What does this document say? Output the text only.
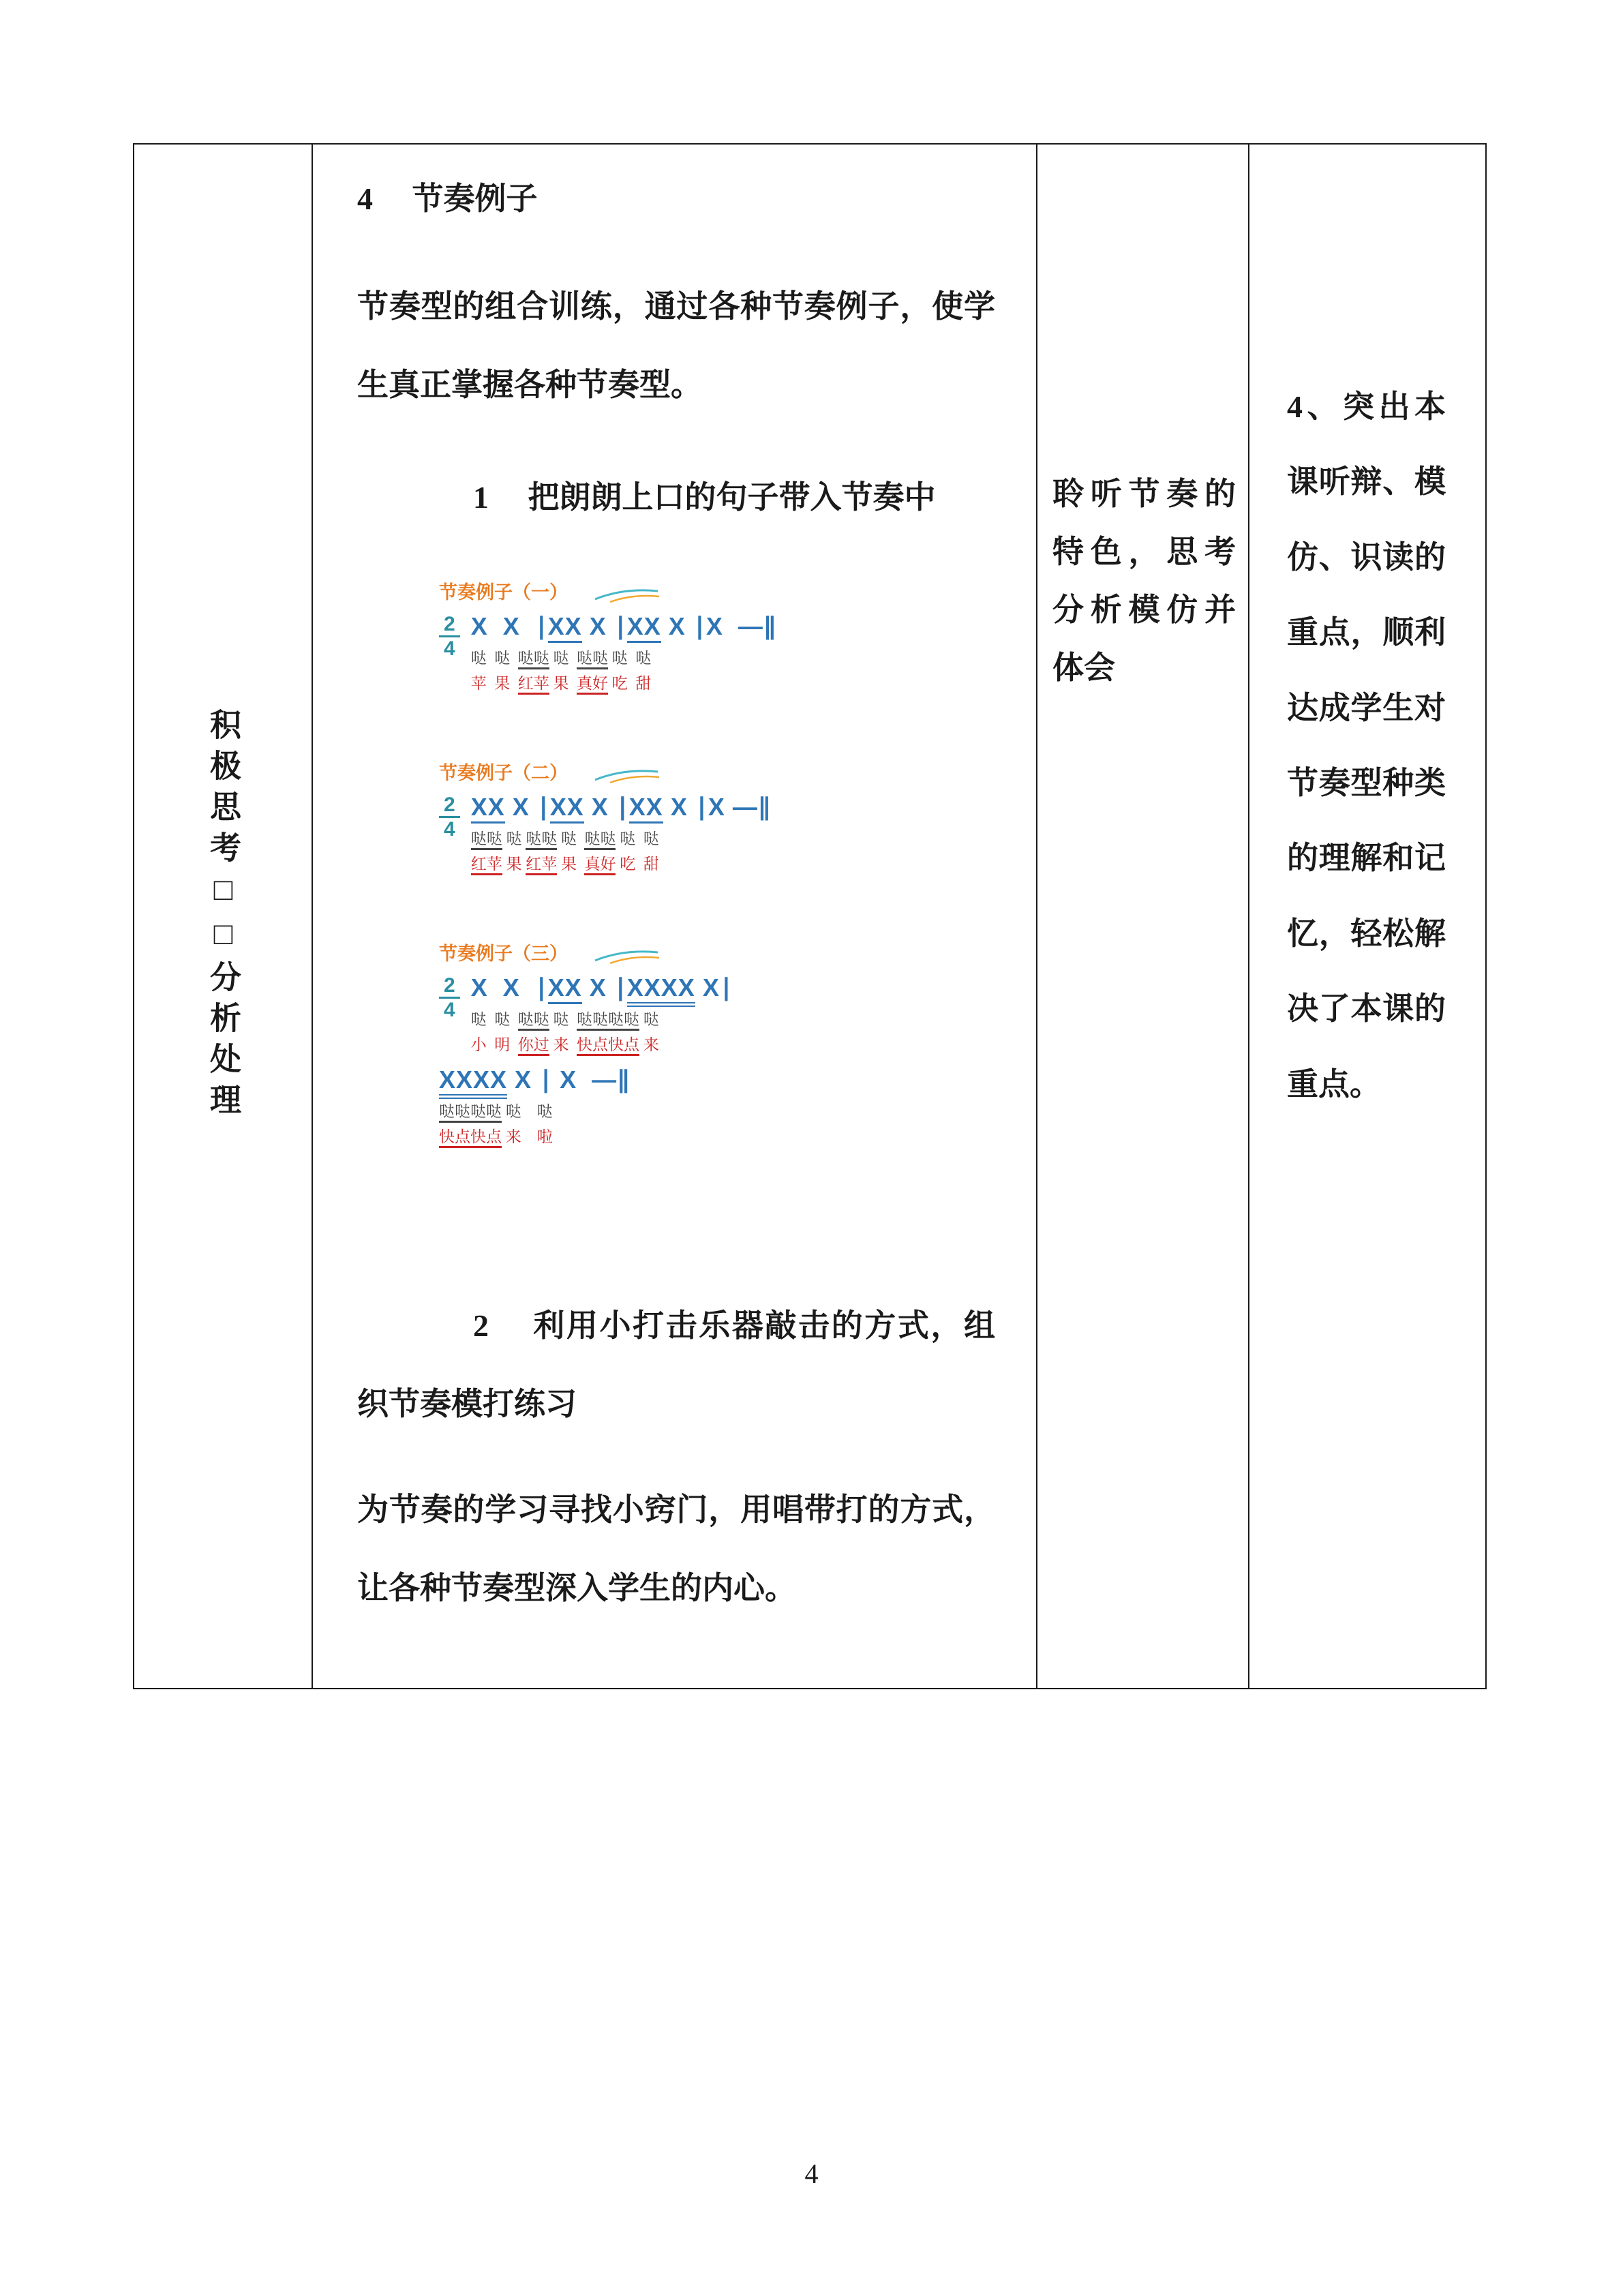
积极思考□□分析处理

4　 节奏例子

节奏型的组合训练，通过各种节奏例子，使学生真正掌握各种节奏型。

1　 把朗朗上口的句子带入节奏中

节奏例子（一）
2
4
X  X  ∣XX X ∣XX X ∣X  —∥
哒  哒  哒哒 哒  哒哒 哒  哒
苹  果  红苹 果  真好 吃  甜
节奏例子（二）
2
4
XX X ∣XX X ∣XX X ∣X —∥
哒哒 哒 哒哒 哒  哒哒 哒  哒
红苹 果 红苹 果  真好 吃  甜
节奏例子（三）
2
4
X  X  ∣XX X ∣XXXX X∣
哒  哒  哒哒 哒  哒哒哒哒 哒
小  明  你过 来  快点快点 来
XXXX X ∣ X  —∥
哒哒哒哒 哒    哒
快点快点 来    啦

2　 利用小打击乐器敲击的方式，组织节奏模打练习

为节奏的学习寻找小窍门，用唱带打的方式，让各种节奏型深入学生的内心。

聆听节奏的特色，思考分析模仿并体会
4、突出本课听辩、模仿、识读的重点，顺利达成学生对节奏型种类的理解和记忆，轻松解决了本课的重点。
4
